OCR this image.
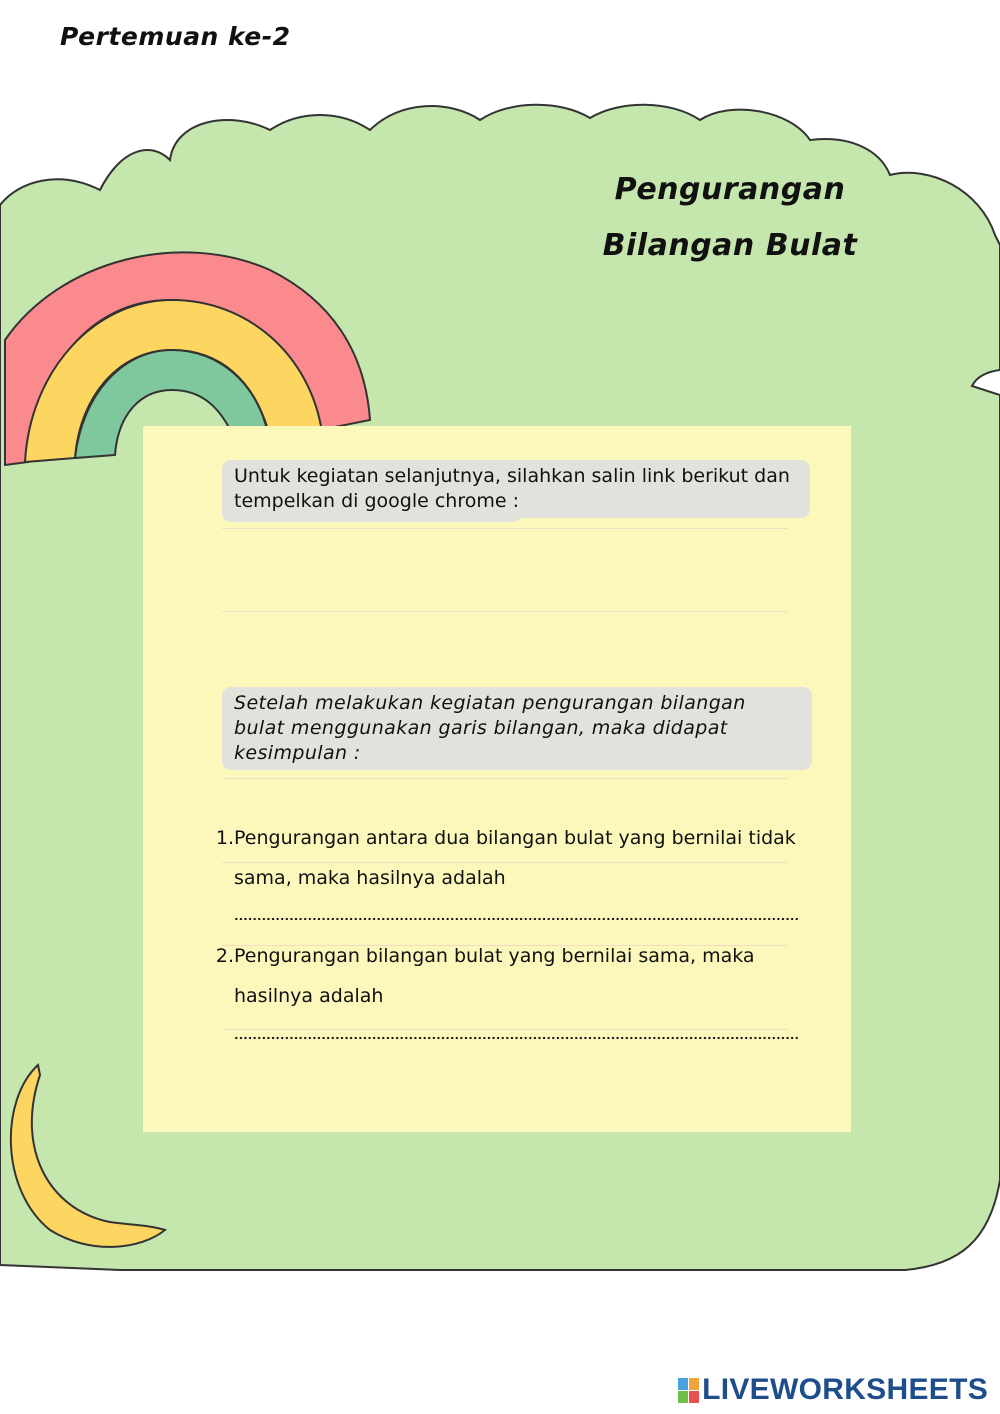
Pertemuan ke-2
Pengurangan
Bilangan Bulat
Untuk kegiatan selanjutnya, silahkan salin link berikut dan tempelkan di google chrome :
Setelah melakukan kegiatan pengurangan bilangan bulat menggunakan garis bilangan, maka didapat kesimpulan :
1. Pengurangan antara dua bilangan bulat yang bernilai tidak
sama, maka hasilnya adalah
2. Pengurangan bilangan bulat yang bernilai sama, maka
hasilnya adalah
LIVEWORKSHEETS
